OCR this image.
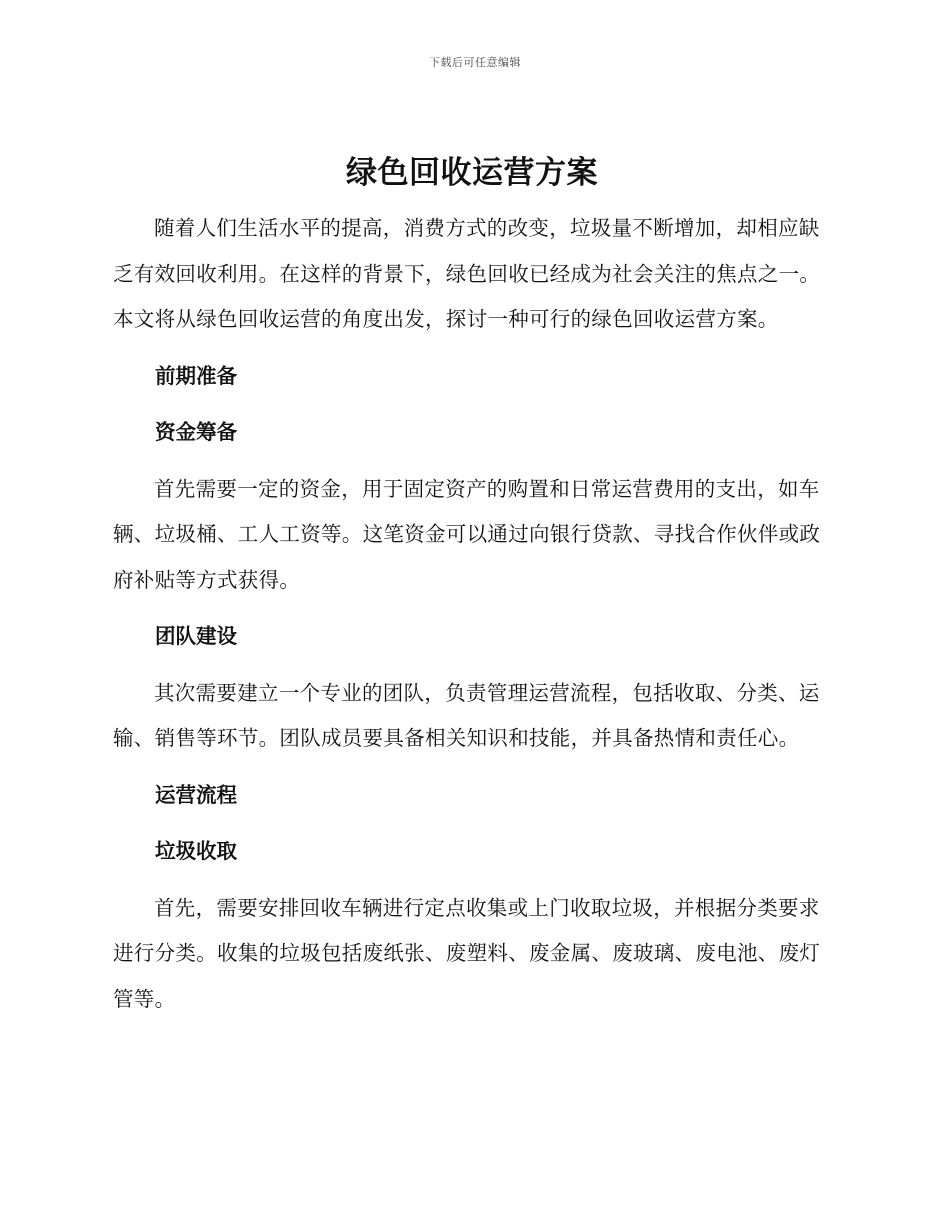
下载后可任意编辑
绿色回收运营方案

随着人们生活水平的提高，消费方式的改变，垃圾量不断增加，却相应缺乏有效回收利用。在这样的背景下，绿色回收已经成为社会关注的焦点之一。本文将从绿色回收运营的角度出发，探讨一种可行的绿色回收运营方案。

前期准备

资金筹备

首先需要一定的资金，用于固定资产的购置和日常运营费用的支出，如车辆、垃圾桶、工人工资等。这笔资金可以通过向银行贷款、寻找合作伙伴或政府补贴等方式获得。

团队建设

其次需要建立一个专业的团队，负责管理运营流程，包括收取、分类、运输、销售等环节。团队成员要具备相关知识和技能，并具备热情和责任心。

运营流程

垃圾收取

首先，需要安排回收车辆进行定点收集或上门收取垃圾，并根据分类要求进行分类。收集的垃圾包括废纸张、废塑料、废金属、废玻璃、废电池、废灯管等。
